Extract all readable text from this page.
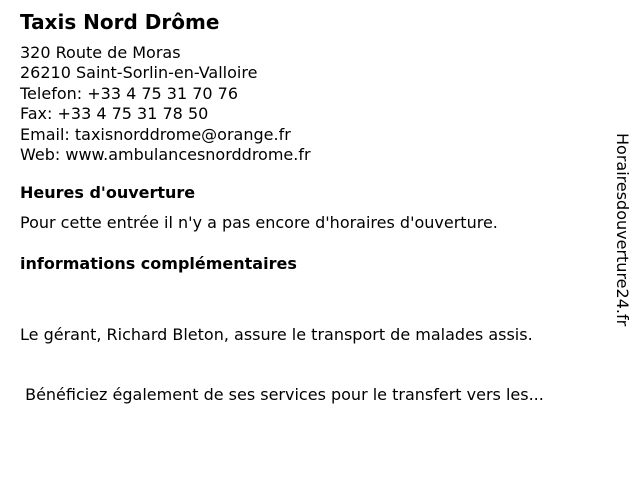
Taxis Nord Drôme
320 Route de Moras
26210 Saint-Sorlin-en-Valloire
Telefon: +33 4 75 31 70 76
Fax: +33 4 75 31 78 50
Email: taxisnorddrome@orange.fr
Web: www.ambulancesnorddrome.fr
Heures d'ouverture
Pour cette entrée il n'y a pas encore d'horaires d'ouverture.
informations complémentaires

Le gérant, Richard Bleton, assure le transport de malades assis.

Bénéficiez également de ses services pour le transfert vers les...

Horairesdouverture24.fr
